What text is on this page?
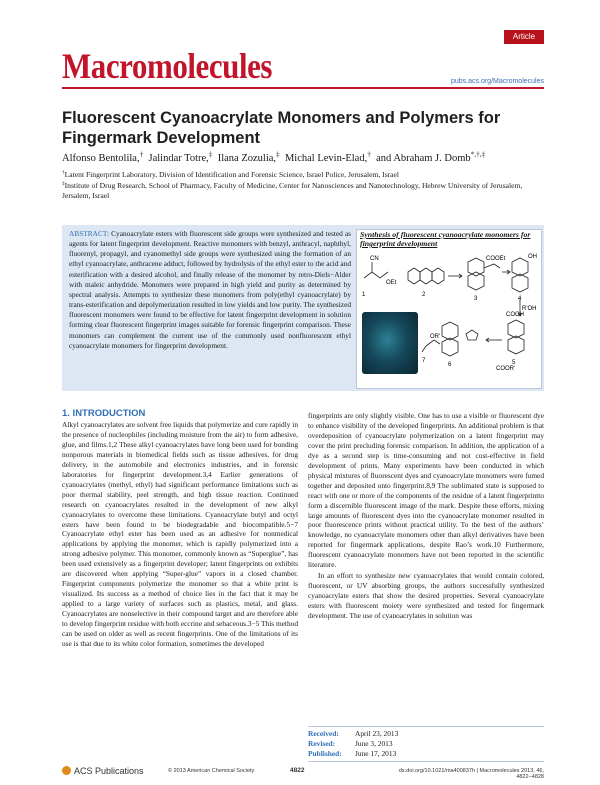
Article
Macromolecules	pubs.acs.org/Macromolecules
Fluorescent Cyanoacrylate Monomers and Polymers for Fingermark Development
Alfonso Bentolila,† Jalindar Totre,‡ Ilana Zozulia,‡ Michal Levin-Elad,† and Abraham J. Domb*,†,‡
†Latent Fingerprint Laboratory, Division of Identification and Forensic Science, Israel Police, Jerusalem, Israel
‡Institute of Drug Research, School of Pharmacy, Faculty of Medicine, Center for Nanosciences and Nanotechnology, Hebrew University of Jerusalem, Jersalem, Israel
ABSTRACT: Cyanoacrylate esters with fluorescent side groups were synthesized and tested as agents for latent fingerprint development. Reactive monomers with benzyl, anthracyl, naphthyl, fluorenyl, propagyl, and cyanomethyl side groups were synthesized using the formation of an ethyl cyanoacrylate, anthracene adduct, followed by hydrolysis of the ethyl ester to the acid and esterification with a desired alcohol, and finally release of the monomer by retro-Diels−Alder with maleic anhydride. Monomers were prepared in high yield and purity as determined by spectral analysis. Attempts to synthesize these monomers from poly(ethyl cyanoacrylate) by trans-esterification and depolymerization resulted in low yields and low purity. The synthesized fluorescent monomers were found to be effective for latent fingerprint development in solution forming clear fluorescent fingerprint images suitable for forensic fingerprint comparison. These monomers can complement the current use of the commonly used nonfluorescent ethyl cyanoacrylate monomers for fingerprint development.
Synthesis of fluorescent cyanoacrylate monomers for fingerprint development
1	2
3	4
5
6
7
R'OH
CN
OEt
OR'
OH
COOEt
COOH
COOR'
1. INTRODUCTION
Alkyl cyanoacrylates are solvent free liquids that polymerize and cure rapidly in the presence of nucleophiles (including moisture from the air) to form adhesive, glue, and films.1,2 These alkyl cyanoacrylates have long been used for bonding nonporous materials in biomedical fields such as tissue adhesives, for drug delivery, in the automobile and electronics industries, and in forensic laboratories for fingerprint development.3,4 Earlier generations of cyanoacrylates (methyl, ethyl) had significant performance limitations such as poor thermal stability, peel strength, and high tissue reaction. Continued research on cyanoacrylates resulted in the development of new alkyl cyanoacrylates to overcome these limitations. Cyanoacrylate butyl and octyl esters have been found to be biodegradable and biocompatible.5−7 Cyanoacrylate ethyl ester has been used as an adhesive for nonmedical applications by applying the monomer, which is rapidly polymerized into a strong adhesive polymer. This monomer, commonly known as “Superglue”, has been used extensively as a fingerprint developer; latent fingerprints on exhibits are discovered when applying “Super-glue” vapors in a closed chamber. Fingerprint components polymerize the monomer so that a white print is visualized. Its success as a method of choice lies in the fact that it may be applied to a large variety of surfaces such as plastics, metal, and glass. Cyanoacrylates are nonselective in their compound target and are therefore able to develop fingerprint residue with both eccrine and sebaceous.3−5 This method can be used on older as well as recent fingerprints. One of the limitations of its use is that due to its white color formation, sometimes the developed
fingerprints are only slightly visible. One has to use a visible or fluorescent dye to enhance visibility of the developed fingerprints. An additional problem is that overdeposition of cyanoacrylate polymerization on a latent fingerprint may cover the print precluding forensic comparison. In addition, the application of a dye as a second step is time-consuming and not cost-effective in field development of prints. Many experiments have been conducted in which physical mixtures of fluorescent dyes and cyanoacrylate monomers were fumed together and deposited onto fingerprint.8,9 The sublimated state is supposed to react with one or more of the components of the residue of a latent fingerprintto form a discernible fluorescent image of the mark. Despite these efforts, mixing large amounts of fluorescent dyes into the cyanoacrylate monomer resulted in poor fluorescence prints without practical utility. To the best of the authors’ knowledge, no cyanoacrylate monomers other than alkyl derivatives have been reported for fingermark applications, despite Rao’s work.10 Furthermore, fluorescent cyanoacrylate monomers have not been reported in the scientific literature.
In an effort to synthesize new cyanoacrylates that would contain colored, fluorescent, or UV absorbing groups, the authors successfully synthesized cyanoacrylate esters that show the desired properties. Several cyanoacrylate esters with fluorescent moiety were synthesized and tested for fingermark development. The use of cyanoacrylates in solution was
Received: April 23, 2013
Revised:	June 3, 2013
Published: June 17, 2013
ACS Publications	© 2013 American Chemical Society	4822	dx.doi.org/10.1021/ma400837h | Macromolecules 2013, 46, 4822−4828
